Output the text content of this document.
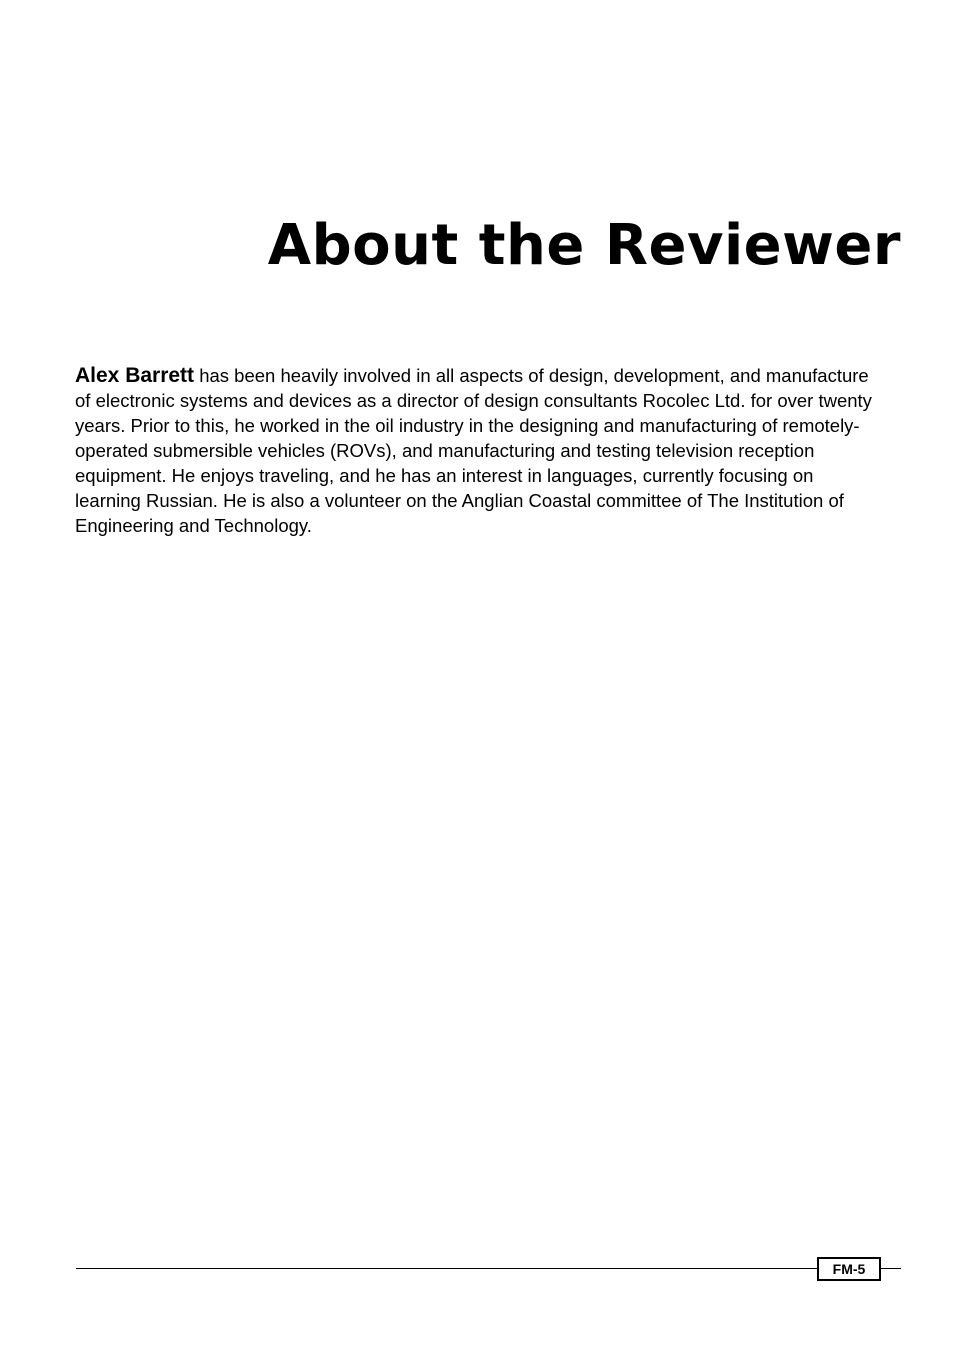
About the Reviewer

Alex Barrett has been heavily involved in all aspects of design, development, and manufacture of electronic systems and devices as a director of design consultants Rocolec Ltd. for over twenty years. Prior to this, he worked in the oil industry in the designing and manufacturing of remotely-operated submersible vehicles (ROVs), and manufacturing and testing television reception equipment. He enjoys traveling, and he has an interest in languages, currently focusing on learning Russian. He is also a volunteer on the Anglian Coastal committee of The Institution of Engineering and Technology.

FM-5
